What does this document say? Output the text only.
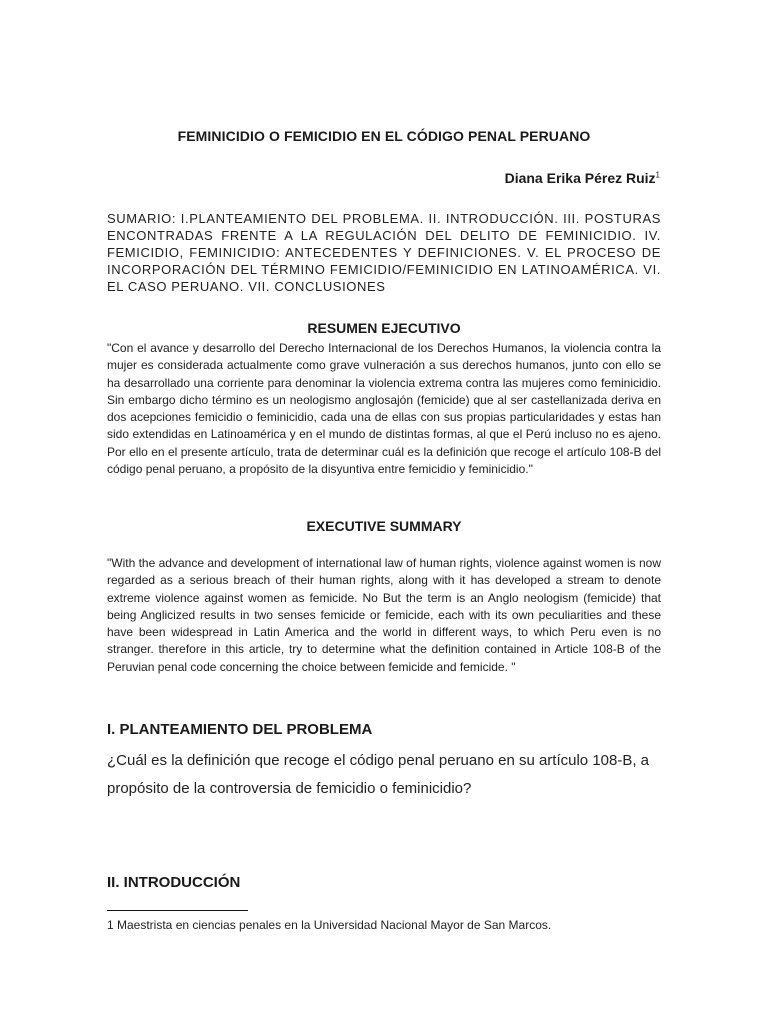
FEMINICIDIO O FEMICIDIO EN EL CÓDIGO PENAL PERUANO
Diana Erika Pérez Ruiz$^1$
SUMARIO: I.PLANTEAMIENTO DEL PROBLEMA. II. INTRODUCCIÓN. III. POSTURAS ENCONTRADAS FRENTE A LA REGULACIÓN DEL DELITO DE FEMINICIDIO. IV. FEMICIDIO, FEMINICIDIO: ANTECEDENTES Y DEFINICIONES. V. EL PROCESO DE INCORPORACIÓN DEL TÉRMINO FEMICIDIO/FEMINICIDIO EN LATINOAMÉRICA. VI. EL CASO PERUANO. VII. CONCLUSIONES
RESUMEN EJECUTIVO
"Con el avance y desarrollo del Derecho Internacional de los Derechos Humanos, la violencia contra la mujer es considerada actualmente como grave vulneración a sus derechos humanos, junto con ello se ha desarrollado una corriente para denominar la violencia extrema contra las mujeres como feminicidio. Sin embargo dicho término es un neologismo anglosajón (femicide) que al ser castellanizada deriva en dos acepciones femicidio o feminicidio, cada una de ellas con sus propias particularidades y estas han sido extendidas en Latinoamérica y en el mundo de distintas formas, al que el Perú incluso no es ajeno. Por ello en el presente artículo, trata de determinar cuál es la definición que recoge el artículo 108-B del código penal peruano, a propósito de la disyuntiva entre femicidio y feminicidio."
EXECUTIVE SUMMARY
"With the advance and development of international law of human rights, violence against women is now regarded as a serious breach of their human rights, along with it has developed a stream to denote extreme violence against women as femicide. No But the term is an Anglo neologism (femicide) that being Anglicized results in two senses femicide or femicide, each with its own peculiarities and these have been widespread in Latin America and the world in different ways, to which Peru even is no stranger. therefore in this article, try to determine what the definition contained in Article 108-B of the Peruvian penal code concerning the choice between femicide and femicide. "
I. PLANTEAMIENTO DEL PROBLEMA
¿Cuál es la definición que recoge el código penal peruano en su artículo 108-B, a propósito de la controversia de femicidio o feminicidio?
II. INTRODUCCIÓN
1 Maestrista en ciencias penales en la Universidad Nacional Mayor de San Marcos.
